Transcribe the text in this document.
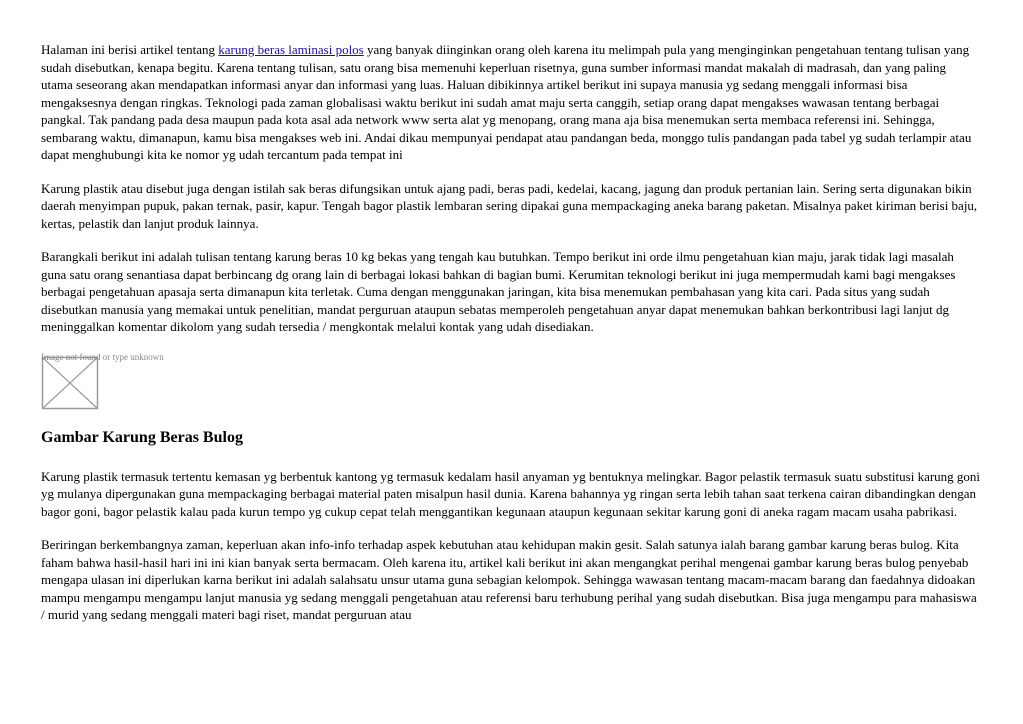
Halaman ini berisi artikel tentang karung beras laminasi polos yang banyak diinginkan orang oleh karena itu melimpah pula yang menginginkan pengetahuan tentang tulisan yang sudah disebutkan, kenapa begitu. Karena tentang tulisan, satu orang bisa memenuhi keperluan risetnya, guna sumber informasi mandat makalah di madrasah, dan yang paling utama seseorang akan mendapatkan informasi anyar dan informasi yang luas. Haluan dibikinnya artikel berikut ini supaya manusia yg sedang menggali informasi bisa mengaksesnya dengan ringkas. Teknologi pada zaman globalisasi waktu berikut ini sudah amat maju serta canggih, setiap orang dapat mengakses wawasan tentang berbagai pangkal. Tak pandang pada desa maupun pada kota asal ada network www serta alat yg menopang, orang mana aja bisa menemukan serta membaca referensi ini. Sehingga, sembarang waktu, dimanapun, kamu bisa mengakses web ini. Andai dikau mempunyai pendapat atau pandangan beda, monggo tulis pandangan pada tabel yg sudah terlampir atau dapat menghubungi kita ke nomor yg udah tercantum pada tempat ini

Karung plastik atau disebut juga dengan istilah sak beras difungsikan untuk ajang padi, beras padi, kedelai, kacang, jagung dan produk pertanian lain. Sering serta digunakan bikin daerah menyimpan pupuk, pakan ternak, pasir, kapur. Tengah bagor plastik lembaran sering dipakai guna mempackaging aneka barang paketan. Misalnya paket kiriman berisi baju, kertas, pelastik dan lanjut produk lainnya.

Barangkali berikut ini adalah tulisan tentang karung beras 10 kg bekas yang tengah kau butuhkan. Tempo berikut ini orde ilmu pengetahuan kian maju, jarak tidak lagi masalah guna satu orang senantiasa dapat berbincang dg orang lain di berbagai lokasi bahkan di bagian bumi. Kerumitan teknologi berikut ini juga mempermudah kami bagi mengakses berbagai pengetahuan apasaja serta dimanapun kita terletak. Cuma dengan menggunakan jaringan, kita bisa menemukan pembahasan yang kita cari. Pada situs yang sudah disebutkan manusia yang memakai untuk penelitian, mandat perguruan ataupun sebatas memperoleh pengetahuan anyar dapat menemukan bahkan berkontribusi lagi lanjut dg meninggalkan komentar dikolom yang sudah tersedia / mengkontak melalui kontak yang udah disediakan.

Image not found or type unknown
Gambar Karung Beras Bulog

Karung plastik termasuk tertentu kemasan yg berbentuk kantong yg termasuk kedalam hasil anyaman yg bentuknya melingkar. Bagor pelastik termasuk suatu substitusi karung goni yg mulanya dipergunakan guna mempackaging berbagai material paten misalpun hasil dunia. Karena bahannya yg ringan serta lebih tahan saat terkena cairan dibandingkan dengan bagor goni, bagor pelastik kalau pada kurun tempo yg cukup cepat telah menggantikan kegunaan ataupun kegunaan sekitar karung goni di aneka ragam macam usaha pabrikasi.

Beriringan berkembangnya zaman, keperluan akan info-info terhadap aspek kebutuhan atau kehidupan makin gesit. Salah satunya ialah barang gambar karung beras bulog. Kita faham bahwa hasil-hasil hari ini ini kian banyak serta bermacam. Oleh karena itu, artikel kali berikut ini akan mengangkat perihal mengenai gambar karung beras bulog penyebab mengapa ulasan ini diperlukan karna berikut ini adalah salahsatu unsur utama guna sebagian kelompok. Sehingga wawasan tentang macam-macam barang dan faedahnya didoakan mampu mengampu mengampu lanjut manusia yg sedang menggali pengetahuan atau referensi baru terhubung perihal yang sudah disebutkan. Bisa juga mengampu para mahasiswa / murid yang sedang menggali materi bagi riset, mandat perguruan atau
